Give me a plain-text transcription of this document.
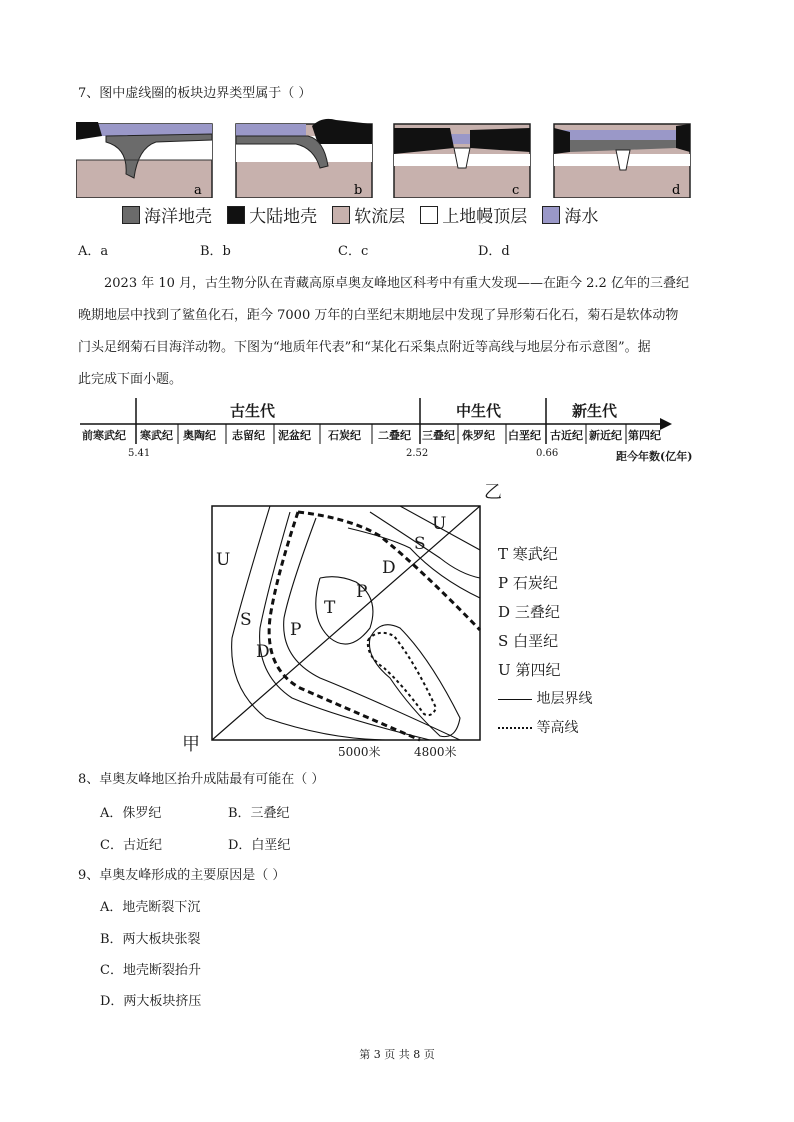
7、图中虚线圈的板块边界类型属于（ ）
a	b	c	d
海洋地壳
大陆地壳
软流层
上地幔顶层
海水
A．a	B．b	C．c	D．d
2023 年 10 月，古生物分队在青藏高原卓奥友峰地区科考中有重大发现——在距今 2.2 亿年的三叠纪
晚期地层中找到了鲨鱼化石，距今 7000 万年的白垩纪末期地层中发现了异形菊石化石，菊石是软体动物
门头足纲菊石目海洋动物。下图为“地质年代表”和“某化石采集点附近等高线与地层分布示意图”。据
此完成下面小题。
古生代	中生代	新生代
前寒武纪 寒武纪 奥陶纪 志留纪 泥盆纪 石炭纪 二叠纪 三叠纪 侏罗纪 白垩纪 古近纪 新近纪 第四纪
5.41	2.52	0.66	距今年数(亿年)
乙
甲
U
S
D
P
T
P
D
S
U
5000米	4800米
T 寒武纪
P 石炭纪
D 三叠纪
S 白垩纪
U 第四纪
地层界线
等高线
8、卓奥友峰地区抬升成陆最有可能在（ ）
A．侏罗纪	B．三叠纪
C．古近纪	D．白垩纪
9、卓奥友峰形成的主要原因是（ ）
A．地壳断裂下沉
B．两大板块张裂
C．地壳断裂抬升
D．两大板块挤压
第 3 页 共 8 页
